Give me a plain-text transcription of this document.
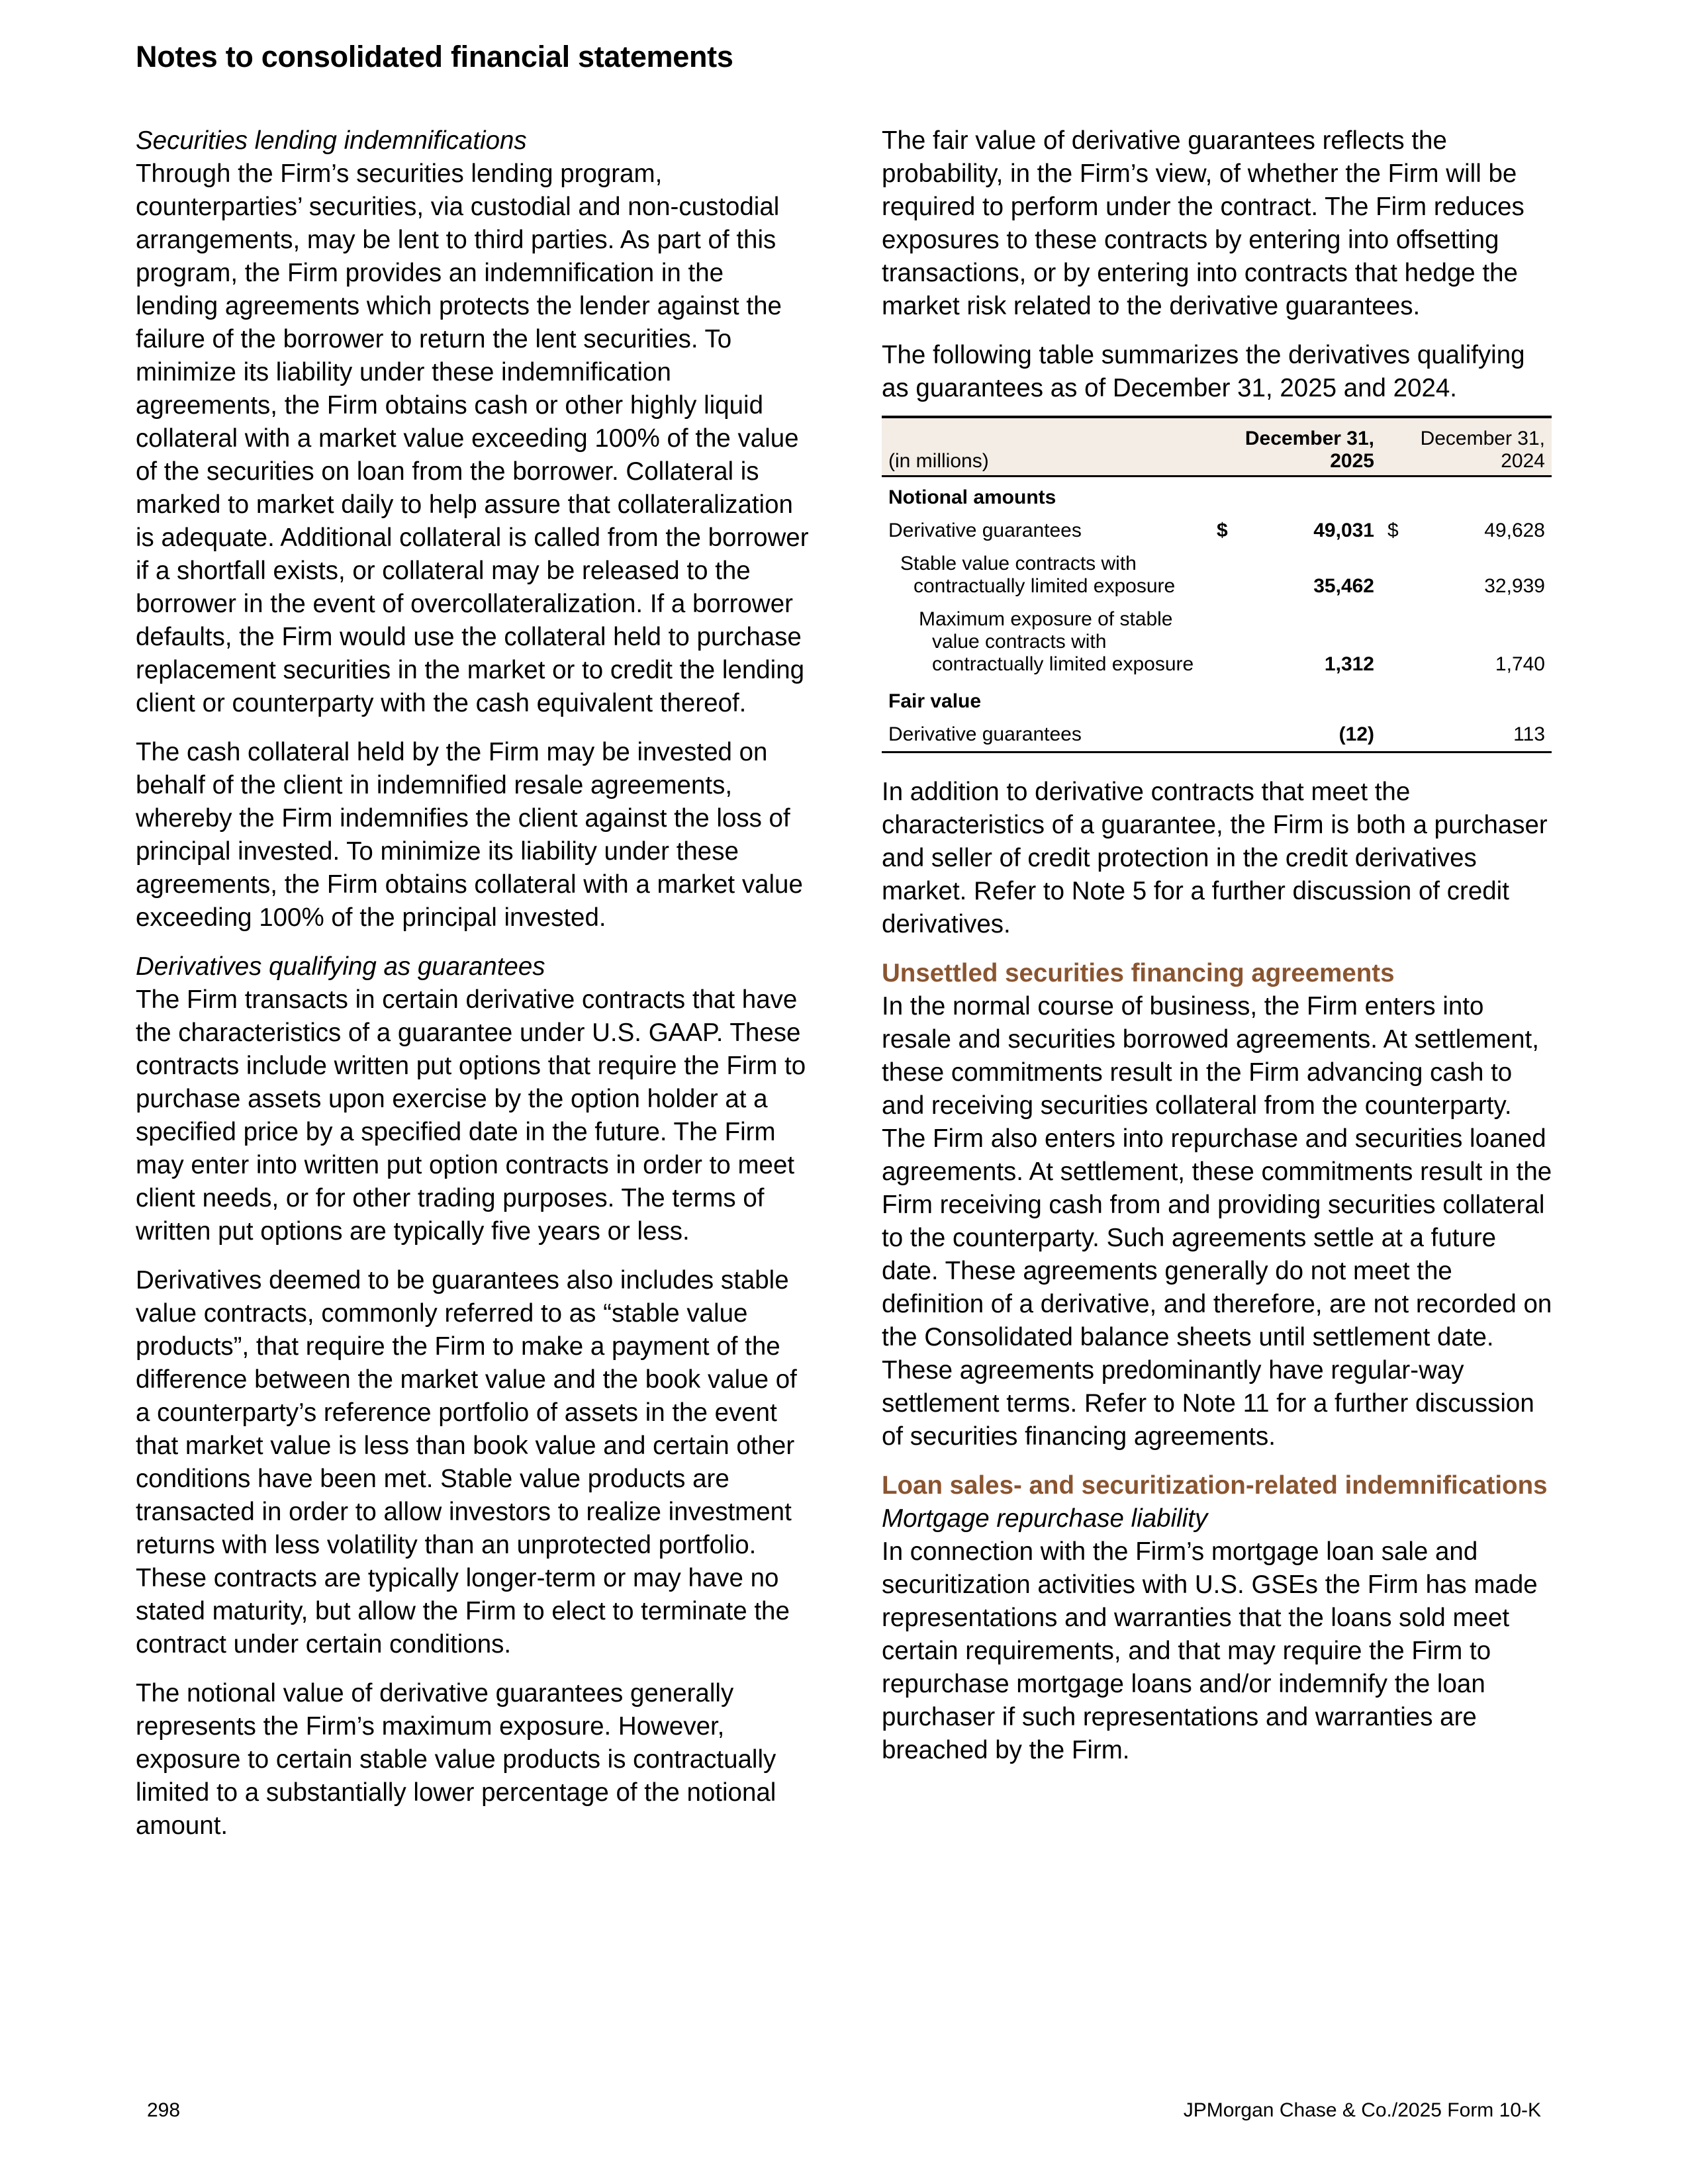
Notes to consolidated financial statements

Securities lending indemnifications
Through the Firm’s securities lending program, counterparties’ securities, via custodial and non-custodial arrangements, may be lent to third parties. As part of this program, the Firm provides an indemnification in the lending agreements which protects the lender against the failure of the borrower to return the lent securities. To minimize its liability under these indemnification agreements, the Firm obtains cash or other highly liquid collateral with a market value exceeding 100% of the value of the securities on loan from the borrower. Collateral is marked to market daily to help assure that collateralization is adequate. Additional collateral is called from the borrower if a shortfall exists, or collateral may be released to the borrower in the event of overcollateralization. If a borrower defaults, the Firm would use the collateral held to purchase replacement securities in the market or to credit the lending client or counterparty with the cash equivalent thereof.

The cash collateral held by the Firm may be invested on behalf of the client in indemnified resale agreements, whereby the Firm indemnifies the client against the loss of principal invested. To minimize its liability under these agreements, the Firm obtains collateral with a market value exceeding 100% of the principal invested.

Derivatives qualifying as guarantees
The Firm transacts in certain derivative contracts that have the characteristics of a guarantee under U.S. GAAP. These contracts include written put options that require the Firm to purchase assets upon exercise by the option holder at a specified price by a specified date in the future. The Firm may enter into written put option contracts in order to meet client needs, or for other trading purposes. The terms of written put options are typically five years or less.

Derivatives deemed to be guarantees also includes stable value contracts, commonly referred to as “stable value products”, that require the Firm to make a payment of the difference between the market value and the book value of a counterparty’s reference portfolio of assets in the event that market value is less than book value and certain other conditions have been met. Stable value products are transacted in order to allow investors to realize investment returns with less volatility than an unprotected portfolio. These contracts are typically longer-term or may have no stated maturity, but allow the Firm to elect to terminate the contract under certain conditions.

The notional value of derivative guarantees generally represents the Firm’s maximum exposure. However, exposure to certain stable value products is contractually limited to a substantially lower percentage of the notional amount.

The fair value of derivative guarantees reflects the probability, in the Firm’s view, of whether the Firm will be required to perform under the contract. The Firm reduces exposures to these contracts by entering into offsetting transactions, or by entering into contracts that hedge the market risk related to the derivative guarantees.

The following table summarizes the derivatives qualifying as guarantees as of December 31, 2025 and 2024.

(in millions)	December 31, 2025		December 31, 2024	
Notional amounts				
Derivative guarantees	$	49,031	$	49,628

Stable value contracts with contractually limited exposure		35,462		32,939

Maximum exposure of stable value contracts with contractually limited exposure		1,312		1,740
Fair value				
Derivative guarantees		(12)		113

In addition to derivative contracts that meet the characteristics of a guarantee, the Firm is both a purchaser and seller of credit protection in the credit derivatives market. Refer to Note 5 for a further discussion of credit derivatives.

Unsettled securities financing agreements

In the normal course of business, the Firm enters into resale and securities borrowed agreements. At settlement, these commitments result in the Firm advancing cash to and receiving securities collateral from the counterparty. The Firm also enters into repurchase and securities loaned agreements. At settlement, these commitments result in the Firm receiving cash from and providing securities collateral to the counterparty. Such agreements settle at a future date. These agreements generally do not meet the definition of a derivative, and therefore, are not recorded on the Consolidated balance sheets until settlement date. These agreements predominantly have regular-way settlement terms. Refer to Note 11 for a further discussion of securities financing agreements.

Loan sales- and securitization-related indemnifications

Mortgage repurchase liability
In connection with the Firm’s mortgage loan sale and securitization activities with U.S. GSEs the Firm has made representations and warranties that the loans sold meet certain requirements, and that may require the Firm to repurchase mortgage loans and/or indemnify the loan purchaser if such representations and warranties are breached by the Firm.

298	JPMorgan Chase & Co./2025 Form 10-K
